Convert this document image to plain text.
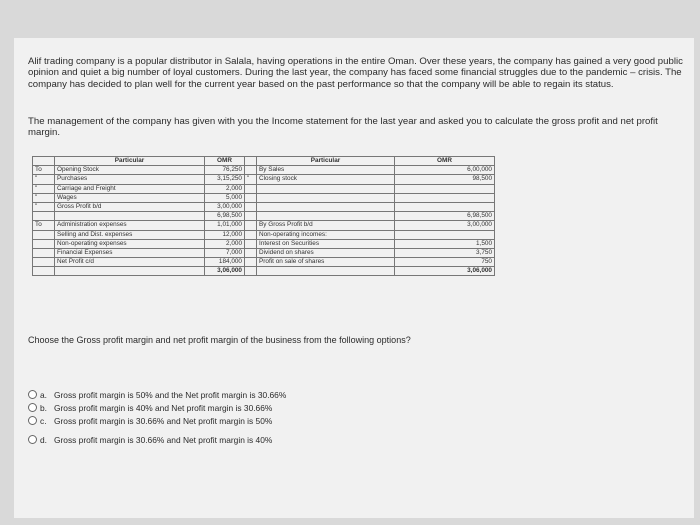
Alif trading company is a popular distributor in Salala, having operations in the entire Oman. Over these years, the company has gained a very good public opinion and quiet a big number of loyal customers. During the last year, the company has faced some financial struggles due to the pandemic – crisis. The company has decided to plan well for the current year based on the past performance so that the company will be able to regain its status.
The management of the company has given with you the Income statement for the last year and asked you to calculate the gross profit and net profit margin.
	Particular	OMR		Particular	OMR
To	Opening Stock	76,250		By Sales	6,00,000
"	Purchases	3,15,250	"	Closing stock	98,500
"	Carriage and Freight	2,000			
"	Wages	5,000			
"	Gross Profit b/d	3,00,000			
		6,98,500			6,98,500
To	Administration expenses	1,01,000		By Gross Profit b/d	3,00,000
	Selling and Dist. expenses	12,000		Non-operating incomes:	
	Non-operating expenses	2,000		Interest on Securities	1,500
	Financial Expenses	7,000		Dividend on shares	3,750
	Net Profit c/d	184,000		Profit on sale of shares	750
		3,06,000			3,06,000
Choose the Gross profit margin and net profit margin of the business from the following options?
a. Gross profit margin is 50% and the Net profit margin is 30.66%
b. Gross profit margin is 40% and Net profit margin is 30.66%
c. Gross profit margin is 30.66% and Net profit margin is 50%
d. Gross profit margin is 30.66% and Net profit margin is 40%
